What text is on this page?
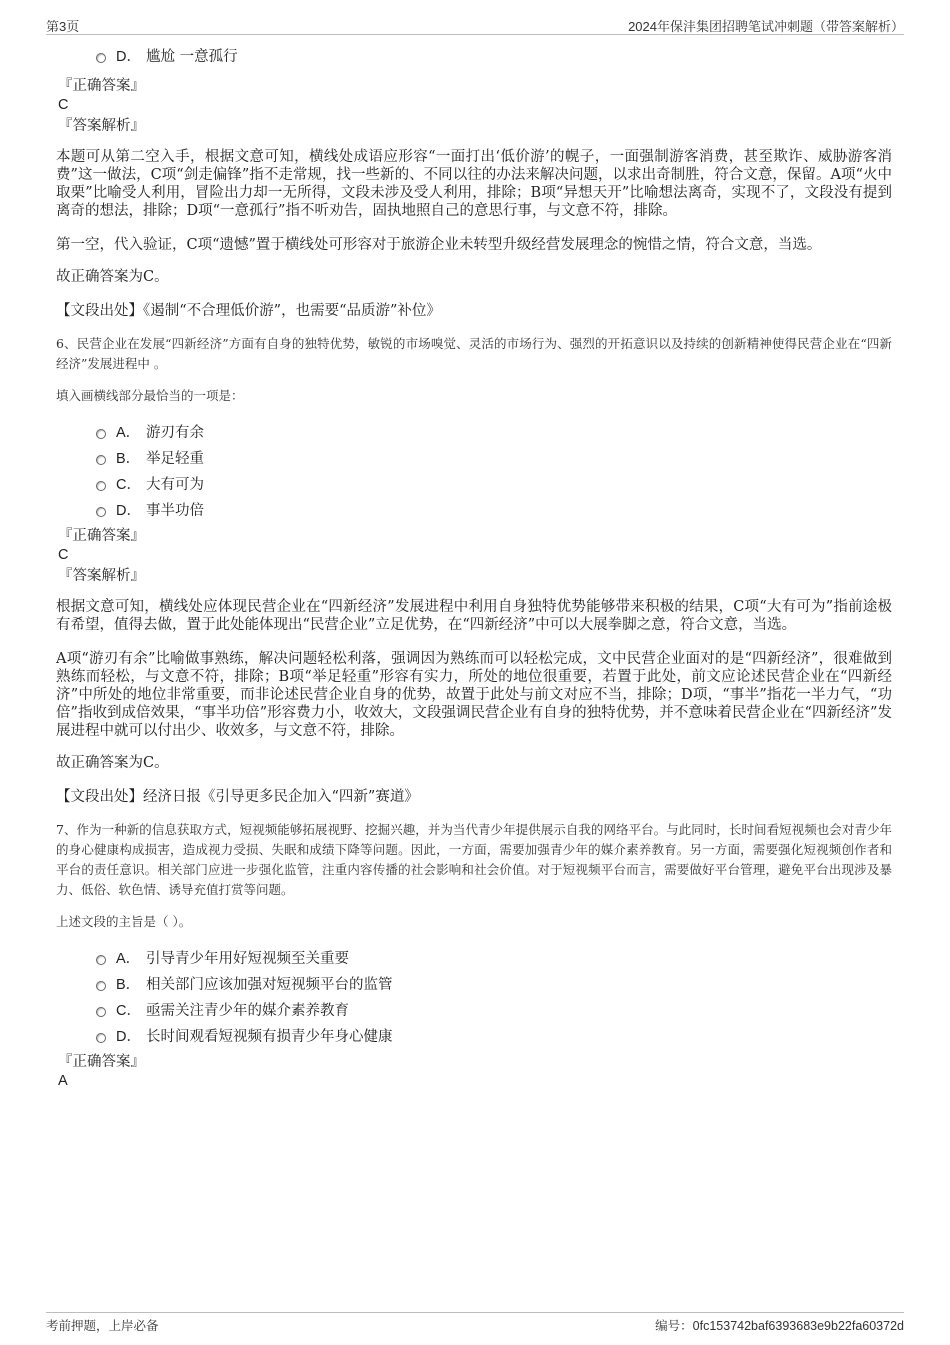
第3页	2024年保沣集团招聘笔试冲刺题（带答案解析）
D． 尴尬 一意孤行
『正确答案』
C
『答案解析』

本题可从第二空入手，根据文意可知，横线处成语应形容“一面打出‘低价游’的幌子，一面强制游客消费，甚至欺诈、威胁游客消费”这一做法，C项“剑走偏锋”指不走常规，找一些新的、不同以往的办法来解决问题，以求出奇制胜，符合文意，保留。A项“火中取栗”比喻受人利用，冒险出力却一无所得，文段未涉及受人利用，排除；B项“异想天开”比喻想法离奇，实现不了，文段没有提到离奇的想法，排除；D项“一意孤行”指不听劝告，固执地照自己的意思行事，与文意不符，排除。

第一空，代入验证，C项“遗憾”置于横线处可形容对于旅游企业未转型升级经营发展理念的惋惜之情，符合文意，当选。

故正确答案为C。

【文段出处】《遏制“不合理低价游”，也需要“品质游”补位》

6、民营企业在发展“四新经济”方面有自身的独特优势，敏锐的市场嗅觉、灵活的市场行为、强烈的开拓意识以及持续的创新精神使得民营企业在“四新经济”发展进程中 。

填入画横线部分最恰当的一项是：

A． 游刃有余
B． 举足轻重
C． 大有可为
D． 事半功倍
『正确答案』
C
『答案解析』

根据文意可知，横线处应体现民营企业在“四新经济”发展进程中利用自身独特优势能够带来积极的结果，C项“大有可为”指前途极有希望，值得去做，置于此处能体现出“民营企业”立足优势，在“四新经济”中可以大展拳脚之意，符合文意，当选。

A项“游刃有余”比喻做事熟练，解决问题轻松利落，强调因为熟练而可以轻松完成，文中民营企业面对的是“四新经济”，很难做到熟练而轻松，与文意不符，排除；B项“举足轻重”形容有实力，所处的地位很重要，若置于此处，前文应论述民营企业在“四新经济”中所处的地位非常重要，而非论述民营企业自身的优势，故置于此处与前文对应不当，排除；D项，“事半”指花一半力气，“功倍”指收到成倍效果，“事半功倍”形容费力小，收效大，文段强调民营企业有自身的独特优势，并不意味着民营企业在“四新经济”发展进程中就可以付出少、收效多，与文意不符，排除。

故正确答案为C。

【文段出处】经济日报《引导更多民企加入“四新”赛道》

7、作为一种新的信息获取方式，短视频能够拓展视野、挖掘兴趣，并为当代青少年提供展示自我的网络平台。与此同时，长时间看短视频也会对青少年的身心健康构成损害，造成视力受损、失眠和成绩下降等问题。因此，一方面，需要加强青少年的媒介素养教育。另一方面，需要强化短视频创作者和平台的责任意识。相关部门应进一步强化监管，注重内容传播的社会影响和社会价值。对于短视频平台而言，需要做好平台管理，避免平台出现涉及暴力、低俗、软色情、诱导充值打赏等问题。

上述文段的主旨是（ ）。

A． 引导青少年用好短视频至关重要
B． 相关部门应该加强对短视频平台的监管
C． 亟需关注青少年的媒介素养教育
D． 长时间观看短视频有损青少年身心健康
『正确答案』
A
考前押题，上岸必备	编号：0fc153742baf6393683e9b22fa60372d
